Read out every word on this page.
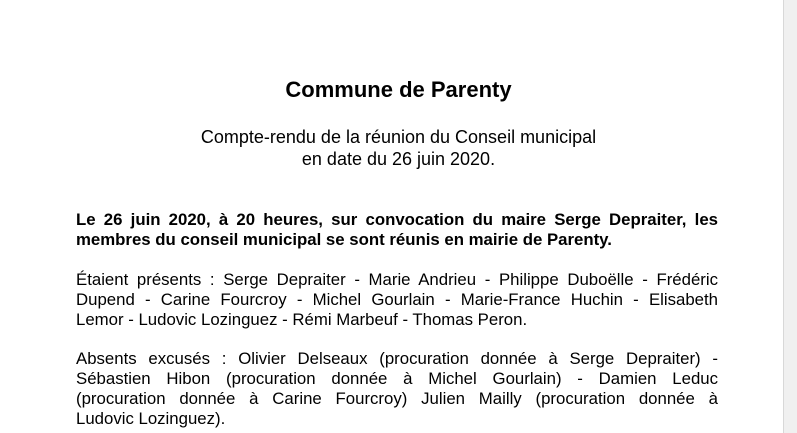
Commune de Parenty
Compte-rendu de la réunion du Conseil municipal
en date du 26 juin 2020.
Le 26 juin 2020, à 20 heures, sur convocation du maire Serge Depraiter, les
membres du conseil municipal se sont réunis en mairie de Parenty.
Étaient présents : Serge Depraiter - Marie Andrieu - Philippe Duboëlle - Frédéric
Dupend - Carine Fourcroy - Michel Gourlain - Marie-France Huchin - Elisabeth
Lemor - Ludovic Lozinguez - Rémi Marbeuf - Thomas Peron.
Absents excusés : Olivier Delseaux (procuration donnée à Serge Depraiter) -
Sébastien Hibon (procuration donnée à Michel Gourlain) - Damien Leduc
(procuration donnée à Carine Fourcroy) Julien Mailly (procuration donnée à
Ludovic Lozinguez).
